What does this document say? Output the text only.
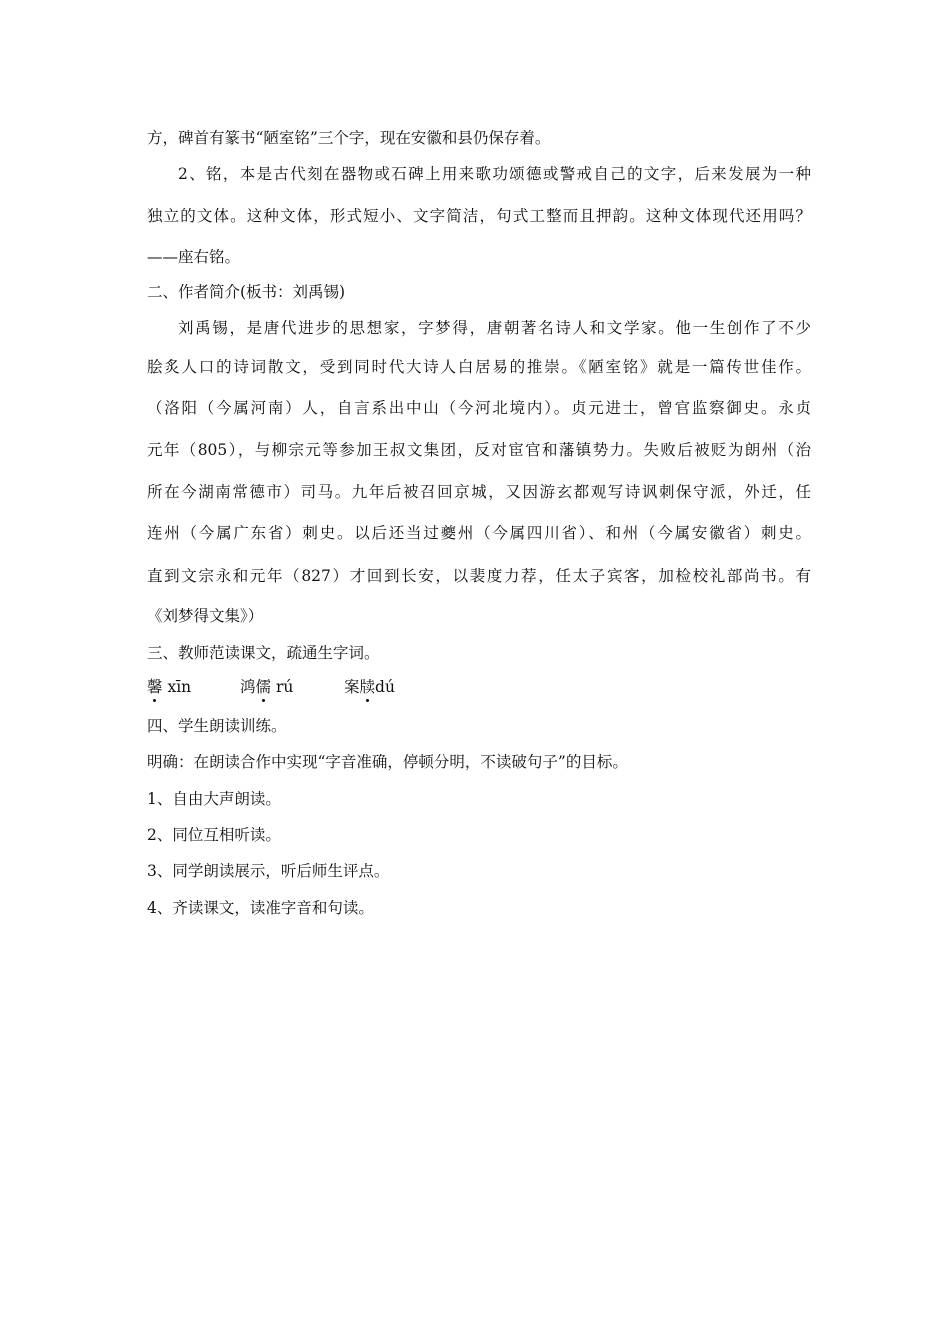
方，碑首有篆书“陋室铭”三个字，现在安徽和县仍保存着。
2、铭，本是古代刻在器物或石碑上用来歌功颂德或警戒自己的文字，后来发展为一种
独立的文体。这种文体，形式短小、文字简洁，句式工整而且押韵。这种文体现代还用吗？
——座右铭。
二、作者简介(板书：刘禹锡)
刘禹锡，是唐代进步的思想家，字梦得，唐朝著名诗人和文学家。他一生创作了不少
脍炙人口的诗词散文，受到同时代大诗人白居易的推崇。《陋室铭》就是一篇传世佳作。
（洛阳（今属河南）人，自言系出中山（今河北境内）。贞元进士，曾官监察御史。永贞
元年（805），与柳宗元等参加王叔文集团，反对宦官和藩镇势力。失败后被贬为朗州（治
所在今湖南常德市）司马。九年后被召回京城，又因游玄都观写诗讽刺保守派，外迁，任
连州（今属广东省）刺史。以后还当过夔州（今属四川省）、和州（今属安徽省）刺史。
直到文宗永和元年（827）才回到长安，以裴度力荐，任太子宾客，加检校礼部尚书。有
《刘梦得文集》）
三、教师范读课文，疏通生字词。
馨 xīn	鸿儒 rú	案牍dú
四、学生朗读训练。
明确：在朗读合作中实现“字音准确，停顿分明，不读破句子”的目标。
1、自由大声朗读。
2、同位互相听读。
3、同学朗读展示，听后师生评点。
4、齐读课文，读准字音和句读。
